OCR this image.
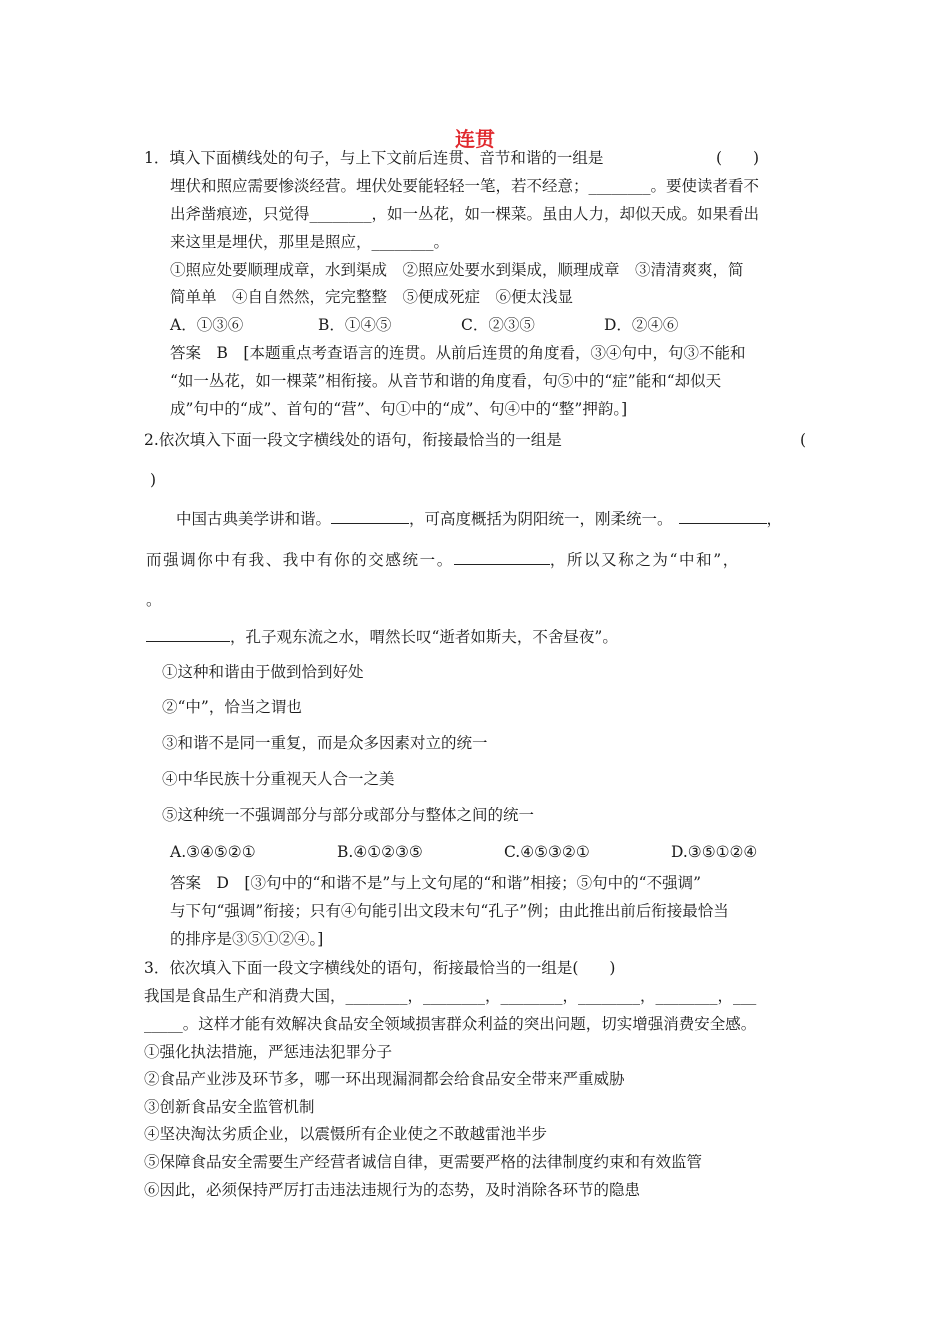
连贯
1．填入下面横线处的句子，与上下文前后连贯、音节和谐的一组是	(　　)
埋伏和照应需要惨淡经营。埋伏处要能轻轻一笔，若不经意；________。要使读者看不
出斧凿痕迹，只觉得________，如一丛花，如一棵菜。虽由人力，却似天成。如果看出
来这里是埋伏，那里是照应，________。
①照应处要顺理成章，水到渠成　②照应处要水到渠成，顺理成章　③清清爽爽，简
简单单　④自自然然，完完整整　⑤便成死症　⑥便太浅显
A．①③⑥	B．①④⑤	C．②③⑤	D．②④⑥
答案　B　[本题重点考查语言的连贯。从前后连贯的角度看，③④句中，句③不能和
“如一丛花，如一棵菜”相衔接。从音节和谐的角度看，句⑤中的“症”能和“却似天
成”句中的“成”、首句的“营”、句①中的“成”、句④中的“整”押韵。]
2.依次填入下面一段文字横线处的语句，衔接最恰当的一组是	(
)
中国古典美学讲和谐。	，可高度概括为阴阳统一，刚柔统一。	，
而强调你中有我、我中有你的交感统一。	，所以又称之为“中和”，
。
，孔子观东流之水，喟然长叹“逝者如斯夫，不舍昼夜”。
①这种和谐由于做到恰到好处
②“中”，恰当之谓也
③和谐不是同一重复，而是众多因素对立的统一
④中华民族十分重视天人合一之美
⑤这种统一不强调部分与部分或部分与整体之间的统一
A.③④⑤②①	B.④①②③⑤	C.④⑤③②①	D.③⑤①②④
答案　D　[③句中的“和谐不是”与上文句尾的“和谐”相接；⑤句中的“不强调”
与下句“强调”衔接；只有④句能引出文段末句“孔子”例；由此推出前后衔接最恰当
的排序是③⑤①②④。]
3．依次填入下面一段文字横线处的语句，衔接最恰当的一组是(　　)
我国是食品生产和消费大国，________，________，________，________，________，___
_____。这样才能有效解决食品安全领域损害群众利益的突出问题，切实增强消费安全感。
①强化执法措施，严惩违法犯罪分子
②食品产业涉及环节多，哪一环出现漏洞都会给食品安全带来严重威胁
③创新食品安全监管机制
④坚决淘汰劣质企业，以震慑所有企业使之不敢越雷池半步
⑤保障食品安全需要生产经营者诚信自律，更需要严格的法律制度约束和有效监管
⑥因此，必须保持严厉打击违法违规行为的态势，及时消除各环节的隐患
